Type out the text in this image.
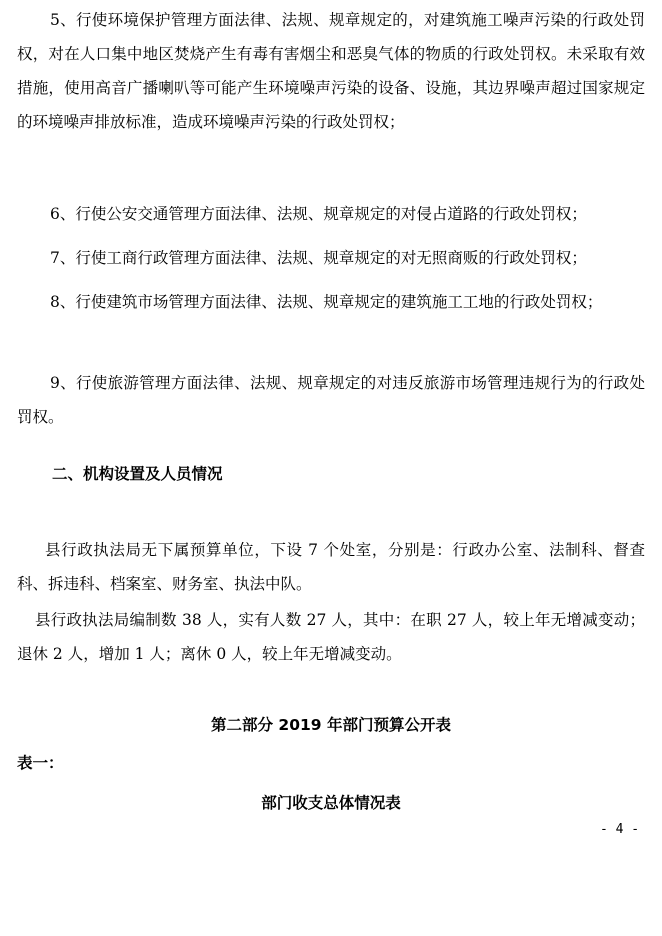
5、行使环境保护管理方面法律、法规、规章规定的，对建筑施工噪声污染的行政处罚权，对在人口集中地区焚烧产生有毒有害烟尘和恶臭气体的物质的行政处罚权。未采取有效措施，使用高音广播喇叭等可能产生环境噪声污染的设备、设施，其边界噪声超过国家规定的环境噪声排放标准，造成环境噪声污染的行政处罚权；

6、行使公安交通管理方面法律、法规、规章规定的对侵占道路的行政处罚权；

7、行使工商行政管理方面法律、法规、规章规定的对无照商贩的行政处罚权；

8、行使建筑市场管理方面法律、法规、规章规定的建筑施工工地的行政处罚权；

9、行使旅游管理方面法律、法规、规章规定的对违反旅游市场管理违规行为的行政处罚权。

二、机构设置及人员情况

县行政执法局无下属预算单位，下设 7 个处室，分别是：行政办公室、法制科、督查科、拆违科、档案室、财务室、执法中队。

县行政执法局编制数 38 人，实有人数 27 人，其中：在职 27 人，较上年无增减变动； 退休 2 人，增加 1 人；离休 0 人，较上年无增减变动。

第二部分 2019 年部门预算公开表

表一：

部门收支总体情况表

- 4 -
